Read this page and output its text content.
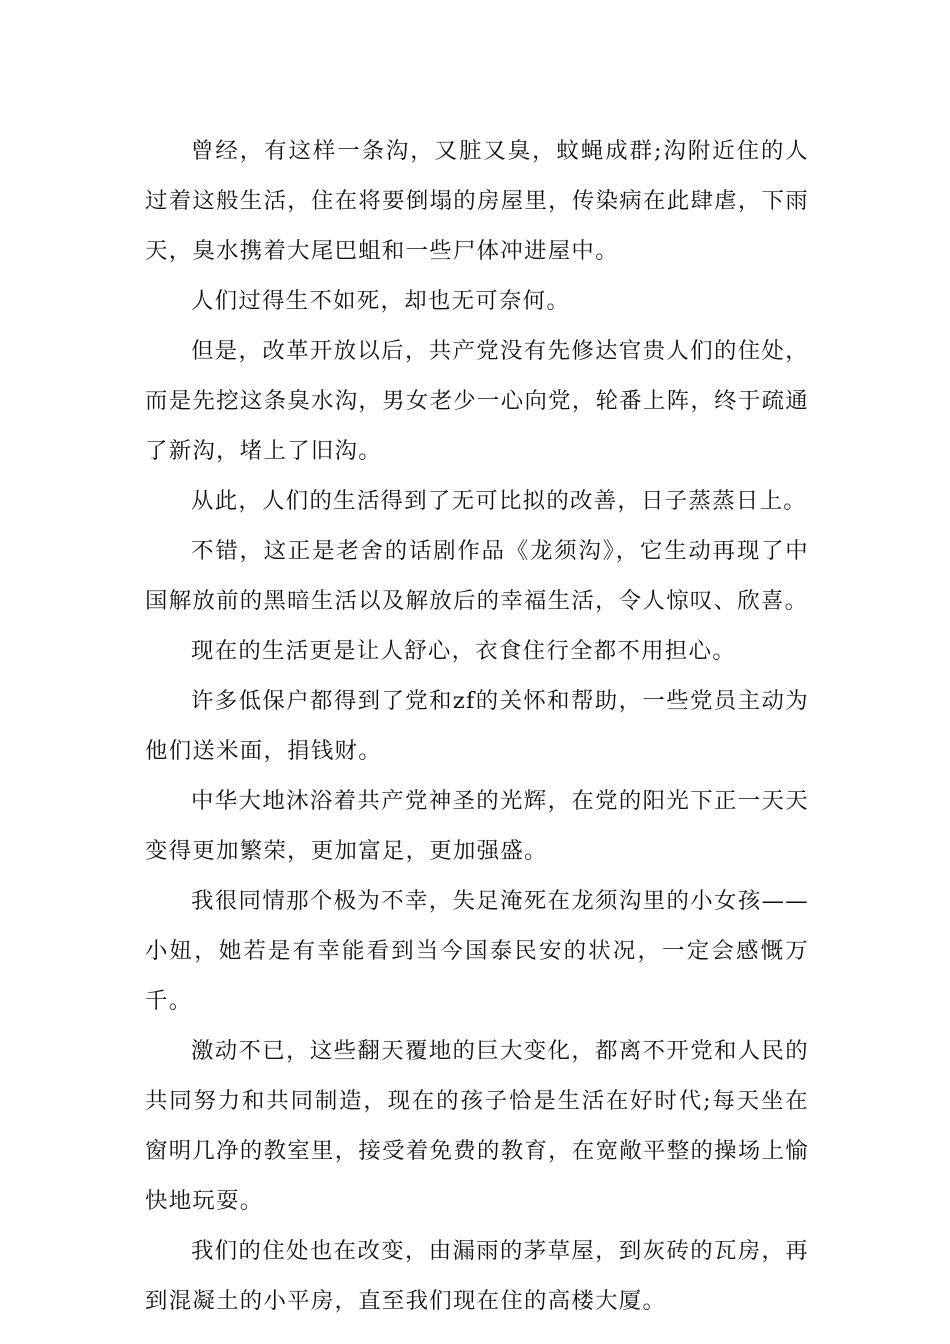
曾经，有这样一条沟，又脏又臭，蚊蝇成群;沟附近住的人过着这般生活，住在将要倒塌的房屋里，传染病在此肆虐，下雨天，臭水携着大尾巴蛆和一些尸体冲进屋中。

人们过得生不如死，却也无可奈何。

但是，改革开放以后，共产党没有先修达官贵人们的住处，而是先挖这条臭水沟，男女老少一心向党，轮番上阵，终于疏通了新沟，堵上了旧沟。

从此，人们的生活得到了无可比拟的改善，日子蒸蒸日上。

不错，这正是老舍的话剧作品《龙须沟》，它生动再现了中国解放前的黑暗生活以及解放后的幸福生活，令人惊叹、欣喜。

现在的生活更是让人舒心，衣食住行全都不用担心。

许多低保户都得到了党和zf的关怀和帮助，一些党员主动为他们送米面，捐钱财。

中华大地沐浴着共产党神圣的光辉，在党的阳光下正一天天变得更加繁荣，更加富足，更加强盛。

我很同情那个极为不幸，失足淹死在龙须沟里的小女孩——小妞，她若是有幸能看到当今国泰民安的状况，一定会感慨万千。

激动不已，这些翻天覆地的巨大变化，都离不开党和人民的共同努力和共同制造，现在的孩子恰是生活在好时代;每天坐在窗明几净的教室里，接受着免费的教育，在宽敞平整的操场上愉快地玩耍。

我们的住处也在改变，由漏雨的茅草屋，到灰砖的瓦房，再到混凝土的小平房，直至我们现在住的高楼大厦。
